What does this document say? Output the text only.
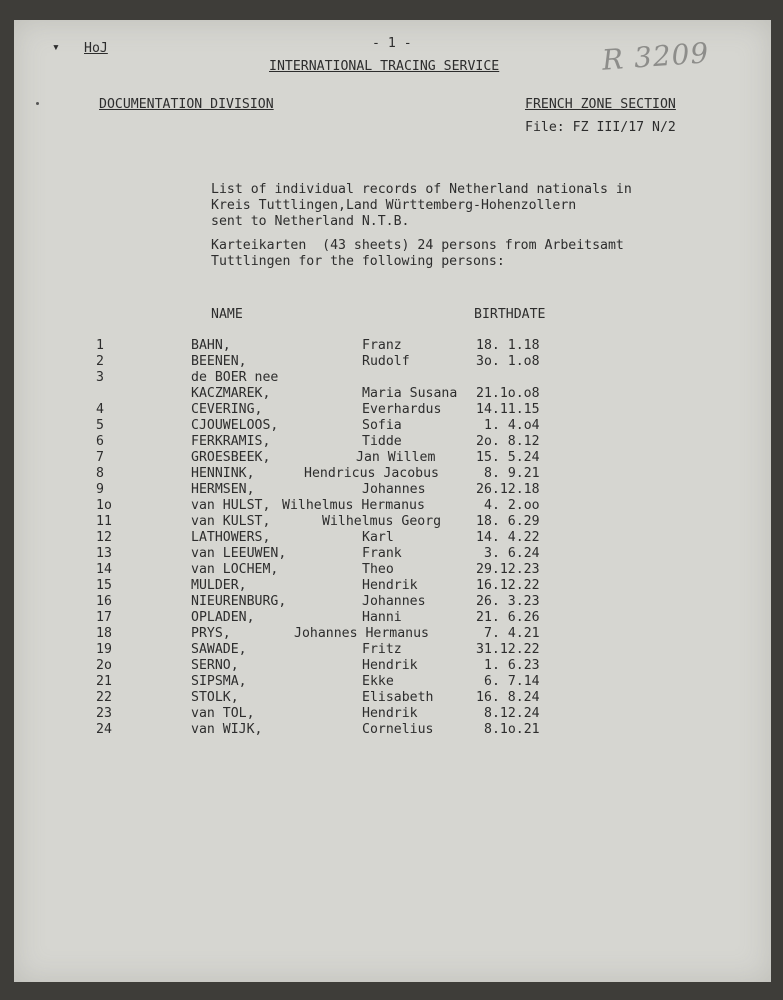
▾ HoJ	- 1 -
INTERNATIONAL TRACING SERVICE	R 3209
DOCUMENTATION DIVISION	FRENCH ZONE SECTION
File: FZ III/17 N/2
List of individual records of Netherland nationals in
Kreis Tuttlingen,Land Württemberg-Hohenzollern
sent to Netherland N.T.B.
Karteikarten  (43 sheets) 24 persons from Arbeitsamt
Tuttlingen for the following persons:
NAME	BIRTHDATE
1	BAHN,	Franz	18. 1.18
2	BEENEN,	Rudolf	3o. 1.o8
3	de BOER nee
KACZMAREK,	Maria Susana 21.1o.o8
4	CEVERING,	Everhardus	14.11.15
5	CJOUWELOOS,	Sofia	1. 4.o4
6	FERKRAMIS,	Tidde	2o. 8.12
7	GROESBEEK,	Jan Willem	15. 5.24
8	HENNINK,	Hendricus Jacobus	8. 9.21
9	HERMSEN,	Johannes	26.12.18
1o	van HULST, Wilhelmus Hermanus	4. 2.oo
11	van KULST,	Wilhelmus Georg	18. 6.29
12	LATHOWERS,	Karl	14. 4.22
13	van LEEUWEN,	Frank	3. 6.24
14	van LOCHEM,	Theo	29.12.23
15	MULDER,	Hendrik	16.12.22
16	NIEURENBURG,	Johannes	26. 3.23
17	OPLADEN,	Hanni	21. 6.26
18	PRYS,	Johannes Hermanus	7. 4.21
19	SAWADE,	Fritz	31.12.22
2o	SERNO,	Hendrik	1. 6.23
21	SIPSMA,	Ekke	6. 7.14
22	STOLK,	Elisabeth	16. 8.24
23	van TOL,	Hendrik	8.12.24
24	van WIJK,	Cornelius	8.1o.21
